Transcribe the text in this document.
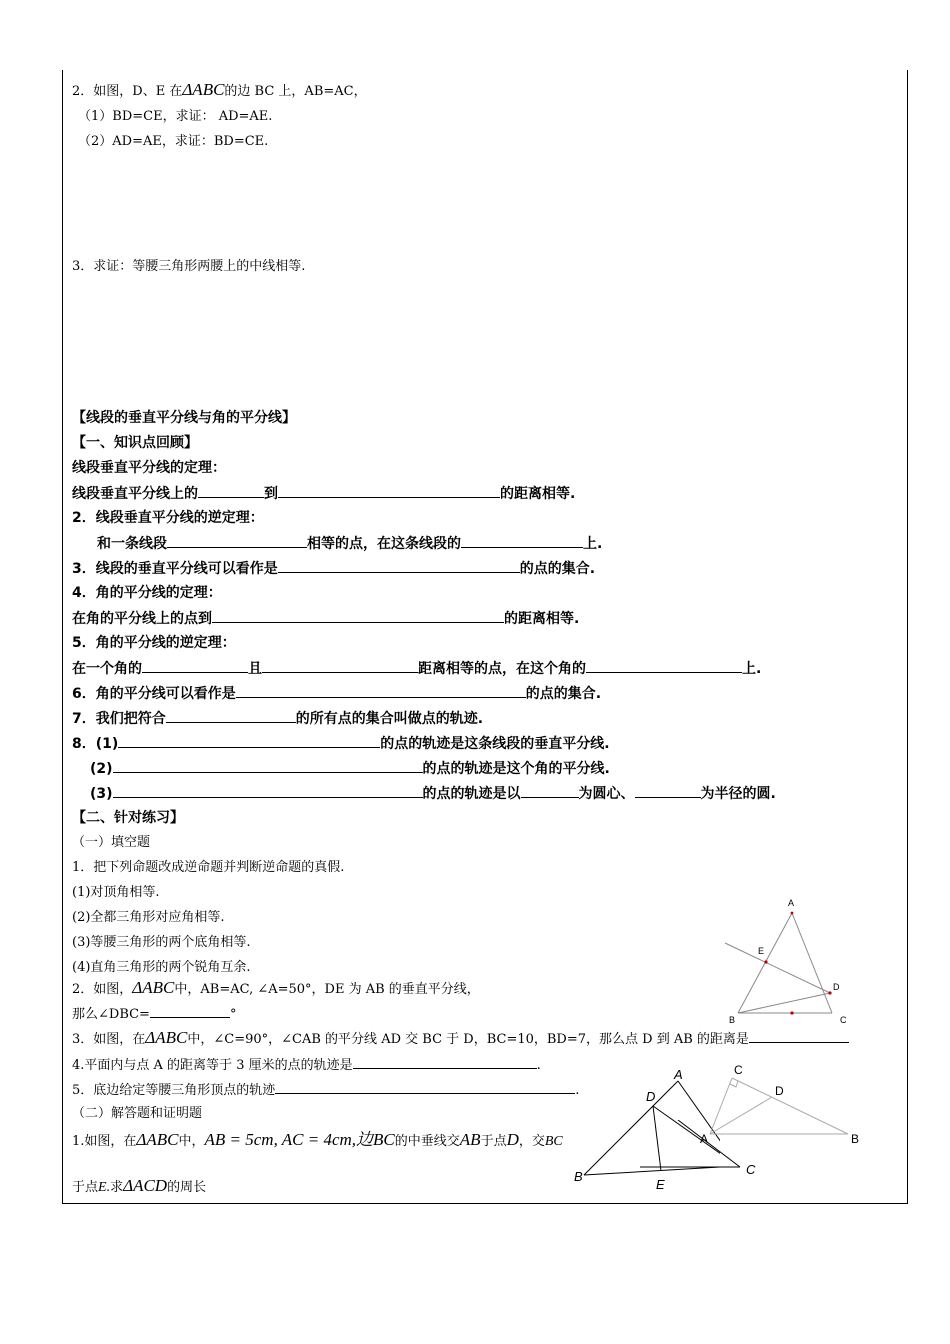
2．如图，D、E 在ΔABC的边 BC 上，AB=AC，
（1）BD=CE，求证： AD=AE.
（2）AD=AE，求证：BD=CE.
3．求证：等腰三角形两腰上的中线相等.
【线段的垂直平分线与角的平分线】
【一、知识点回顾】
线段垂直平分线的定理：
线段垂直平分线上的	到	的距离相等.
2．线段垂直平分线的逆定理：
和一条线段	相等的点，在这条线段的	上.
3．线段的垂直平分线可以看作是	的点的集合.
4．角的平分线的定理：
在角的平分线上的点到	的距离相等.
5．角的平分线的逆定理：
在一个角的	且	距离相等的点，在这个角的	上.
6．角的平分线可以看作是	的点的集合.
7．我们把符合	的所有点的集合叫做点的轨迹.
8．(1)	的点的轨迹是这条线段的垂直平分线.
(2)	的点的轨迹是这个角的平分线.
(3)	的点的轨迹是以	为圆心、	为半径的圆.
【二、针对练习】
（一）填空题
1．把下列命题改成逆命题并判断逆命题的真假.
(1)对顶角相等.
(2)全都三角形对应角相等.
(3)等腰三角形的两个底角相等.
(4)直角三角形的两个锐角互余.
2．如图，ΔABC中，AB=AC, ∠A=50°，DE 为 AB 的垂直平分线，
那么∠DBC=	°
3．如图，在ΔABC中，∠C=90°，∠CAB 的平分线 AD 交 BC 于 D，BC=10，BD=7，那么点 D 到 AB 的距离是
4.平面内与点 A 的距离等于 3 厘米的点的轨迹是	.
5．底边给定等腰三角形顶点的轨迹	.
（二）解答题和证明题
1.如图，在ΔABC中，AB = 5cm, AC = 4cm,边BC的中垂线交AB于点D，交BC
于点E.求ΔACD的周长
A
E
D
B	C
A
D
B
E
C
C
D
A	B
